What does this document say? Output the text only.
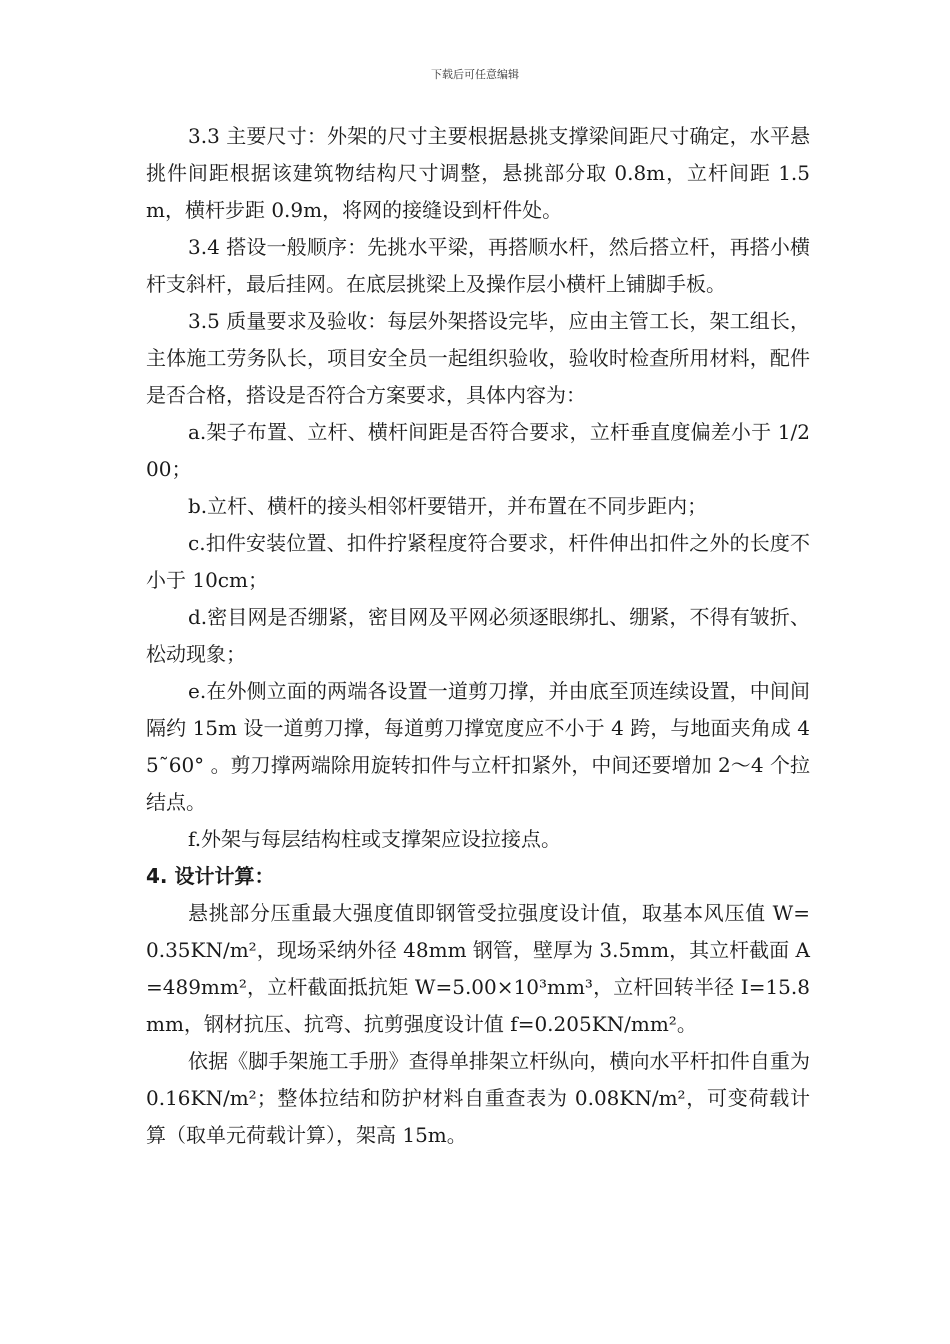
下载后可任意编辑

3.3 主要尺寸：外架的尺寸主要根据悬挑支撑梁间距尺寸确定，水平悬挑件间距根据该建筑物结构尺寸调整，悬挑部分取 0.8m，立杆间距 1.5m，横杆步距 0.9m，将网的接缝设到杆件处。

3.4 搭设一般顺序：先挑水平梁，再搭顺水杆，然后搭立杆，再搭小横杆支斜杆，最后挂网。在底层挑梁上及操作层小横杆上铺脚手板。

3.5 质量要求及验收：每层外架搭设完毕，应由主管工长，架工组长，主体施工劳务队长，项目安全员一起组织验收，验收时检查所用材料，配件是否合格，搭设是否符合方案要求，具体内容为：

a.架子布置、立杆、横杆间距是否符合要求，立杆垂直度偏差小于 1/200；

b.立杆、横杆的接头相邻杆要错开，并布置在不同步距内；

c.扣件安装位置、扣件拧紧程度符合要求，杆件伸出扣件之外的长度不小于 10cm；

d.密目网是否绷紧，密目网及平网必须逐眼绑扎、绷紧，不得有皱折、松动现象；

e.在外侧立面的两端各设置一道剪刀撑，并由底至顶连续设置，中间间隔约 15m 设一道剪刀撑，每道剪刀撑宽度应不小于 4 跨，与地面夹角成 45˜60° 。剪刀撑两端除用旋转扣件与立杆扣紧外，中间还要增加 2～4 个拉结点。

f.外架与每层结构柱或支撑架应设拉接点。

4. 设计计算：

悬挑部分压重最大强度值即钢管受拉强度设计值，取基本风压值 W=0.35KN/m²，现场采纳外径 48mm 钢管，壁厚为 3.5mm，其立杆截面 A=489mm²，立杆截面抵抗矩 W=5.00×10³mm³，立杆回转半径 I=15.8mm，钢材抗压、抗弯、抗剪强度设计值 f=0.205KN/mm²。

依据《脚手架施工手册》查得单排架立杆纵向，横向水平杆扣件自重为 0.16KN/m²；整体拉结和防护材料自重查表为 0.08KN/m²，可变荷载计算（取单元荷载计算），架高 15m。
